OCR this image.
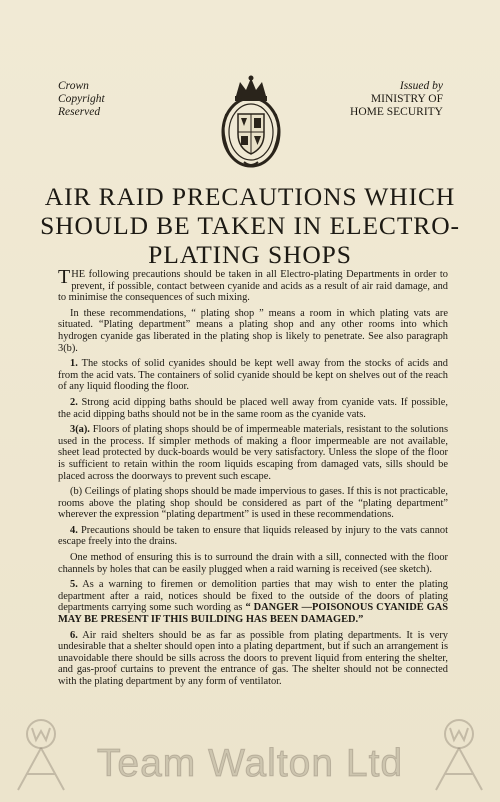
Crown
Copyright
Reserved
Issued by
MINISTRY OF
HOME SECURITY
AIR RAID PRECAUTIONS WHICH SHOULD BE TAKEN IN ELECTRO-PLATING SHOPS

THE following precautions should be taken in all Electro-plating Departments in order to prevent, if possible, contact between cyanide and acids as a result of air raid damage, and to minimise the consequences of such mixing.

In these recommendations, “ plating shop ” means a room in which plating vats are situated. “Plating department” means a plating shop and any other rooms into which hydrogen cyanide gas liberated in the plating shop is likely to penetrate. See also paragraph 3(b).

1. The stocks of solid cyanides should be kept well away from the stocks of acids and from the acid vats. The containers of solid cyanide should be kept on shelves out of the reach of any liquid flooding the floor.

2. Strong acid dipping baths should be placed well away from cyanide vats. If possible, the acid dipping baths should not be in the same room as the cyanide vats.

3(a). Floors of plating shops should be of impermeable materials, resistant to the solutions used in the process. If simpler methods of making a floor impermeable are not available, sheet lead protected by duck-boards would be very satisfactory. Unless the slope of the floor is sufficient to retain within the room liquids escaping from damaged vats, sills should be placed across the doorways to prevent such escape.

(b) Ceilings of plating shops should be made impervious to gases. If this is not practicable, rooms above the plating shop should be considered as part of the “plating department” wherever the expression “plating department” is used in these recommendations.

4. Precautions should be taken to ensure that liquids released by injury to the vats cannot escape freely into the drains.

One method of ensuring this is to surround the drain with a sill, connected with the floor channels by holes that can be easily plugged when a raid warning is received (see sketch).

5. As a warning to firemen or demolition parties that may wish to enter the plating department after a raid, notices should be fixed to the outside of the doors of plating departments carrying some such wording as “ DANGER —POISONOUS CYANIDE GAS MAY BE PRESENT IF THIS BUILDING HAS BEEN DAMAGED.”

6. Air raid shelters should be as far as possible from plating departments. It is very undesirable that a shelter should open into a plating department, but if such an arrangement is unavoidable there should be sills across the doors to prevent liquid from entering the shelter, and gas-proof curtains to prevent the entrance of gas. The shelter should not be connected with the plating department by any form of ventilator.

Team Walton Ltd
